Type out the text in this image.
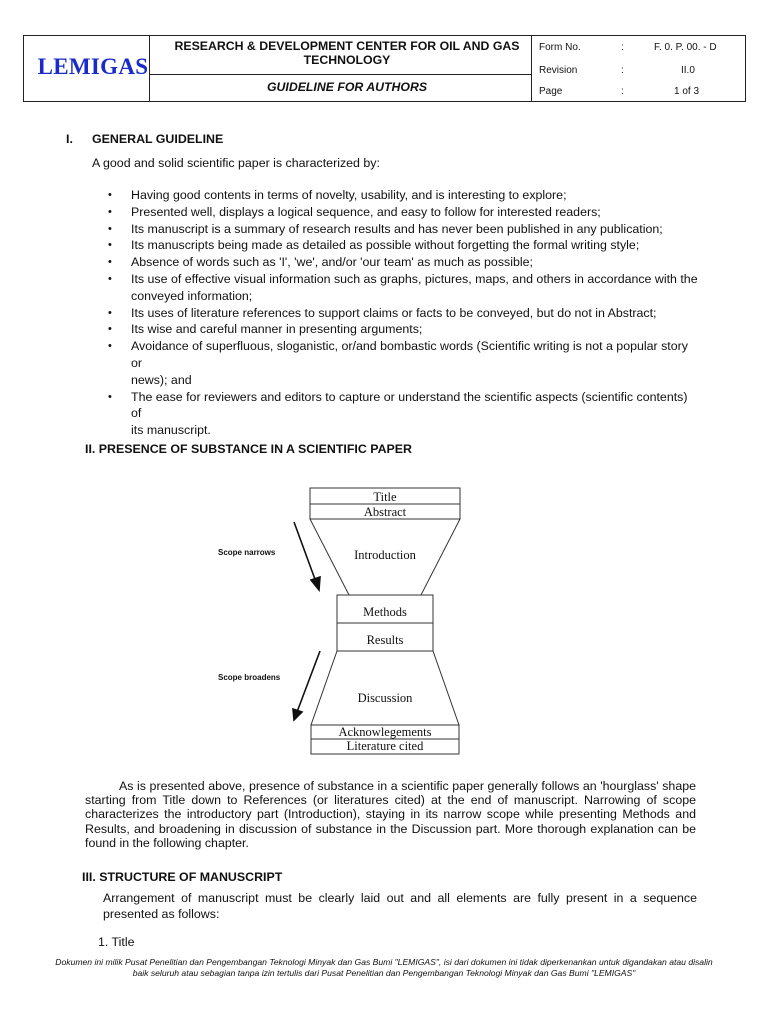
LEMIGAS
RESEARCH & DEVELOPMENT CENTER FOR OIL AND GAS
TECHNOLOGY
GUIDELINE FOR AUTHORS
Form No.	:	F. 0. P. 00. - D
Revision	:	II.0
Page	:	1 of 3
I. GENERAL GUIDELINE
A good and solid scientific paper is characterized by:
• Having good contents in terms of novelty, usability, and is interesting to explore;
• Presented well, displays a logical sequence, and easy to follow for interested readers;
• Its manuscript is a summary of research results and has never been published in any publication;
• Its manuscripts being made as detailed as possible without forgetting the formal writing style;
• Absence of words such as 'I', 'we', and/or 'our team' as much as possible;
• Its use of effective visual information such as graphs, pictures, maps, and others in accordance with the
conveyed information;
• Its uses of literature references to support claims or facts to be conveyed, but do not in Abstract;
• Its wise and careful manner in presenting arguments;
• Avoidance of superfluous, sloganistic, or/and bombastic words (Scientific writing is not a popular story or
news); and
• The ease for reviewers and editors to capture or understand the scientific aspects (scientific contents) of
its manuscript.
II. PRESENCE OF SUBSTANCE IN A SCIENTIFIC PAPER
Title
Abstract
Introduction
Methods
Results
Discussion
Acknowlegements
Literature cited
Scope narrows
Scope broadens
As is presented above, presence of substance in a scientific paper generally follows an 'hourglass' shape starting from Title down to References (or literatures cited) at the end of manuscript. Narrowing of scope characterizes the introductory part (Introduction), staying in its narrow scope while presenting Methods and Results, and broadening in discussion of substance in the Discussion part. More thorough explanation can be found in the following chapter.
III. STRUCTURE OF MANUSCRIPT
Arrangement of manuscript must be clearly laid out and all elements are fully present in a sequence
presented as follows:
1. Title
Dokumen ini milik Pusat Penelitian dan Pengembangan Teknologi Minyak dan Gas Bumi "LEMIGAS", isi dari dokumen ini tidak diperkenankan untuk digandakan atau disalin
baik seluruh atau sebagian tanpa izin tertulis dari Pusat Penelitian dan Pengembangan Teknologi Minyak dan Gas Bumi "LEMIGAS"
